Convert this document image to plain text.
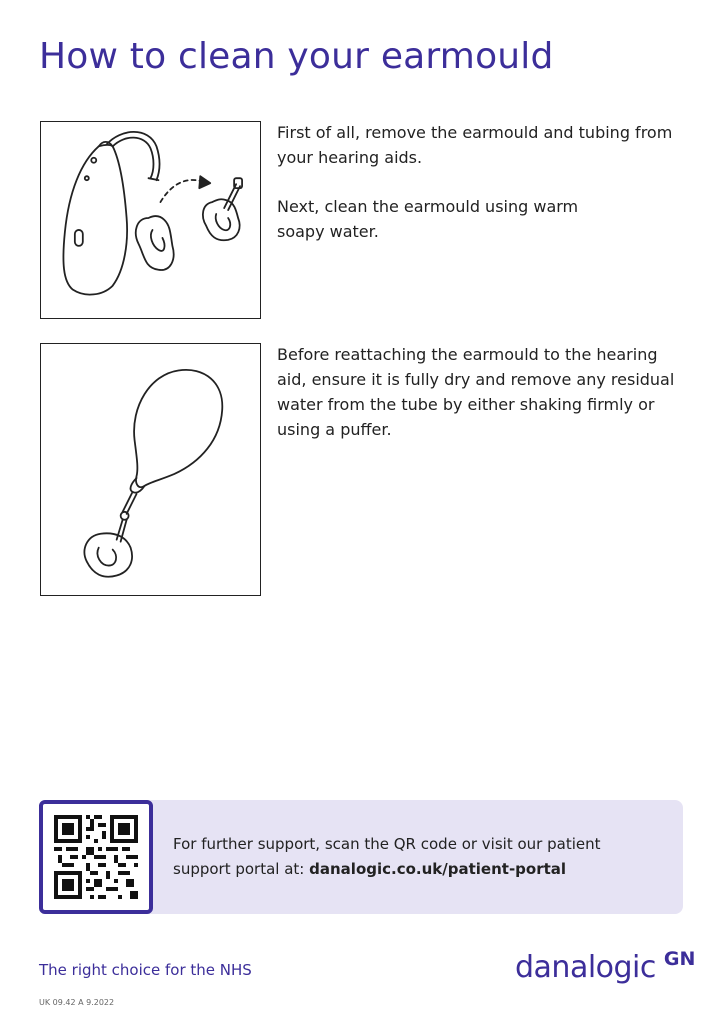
How to clean your earmould

First of all, remove the earmould and tubing from your hearing aids.

Next, clean the earmould using warm soapy water.

Before reattaching the earmould to the hearing aid, ensure it is fully dry and remove any residual water from the tube by either shaking firmly or using a puffer.

For further support, scan the QR code or visit our patient support portal at: danalogic.co.uk/patient-portal
The right choice for the NHS	danalogic GN
UK 09.42 A 9.2022
